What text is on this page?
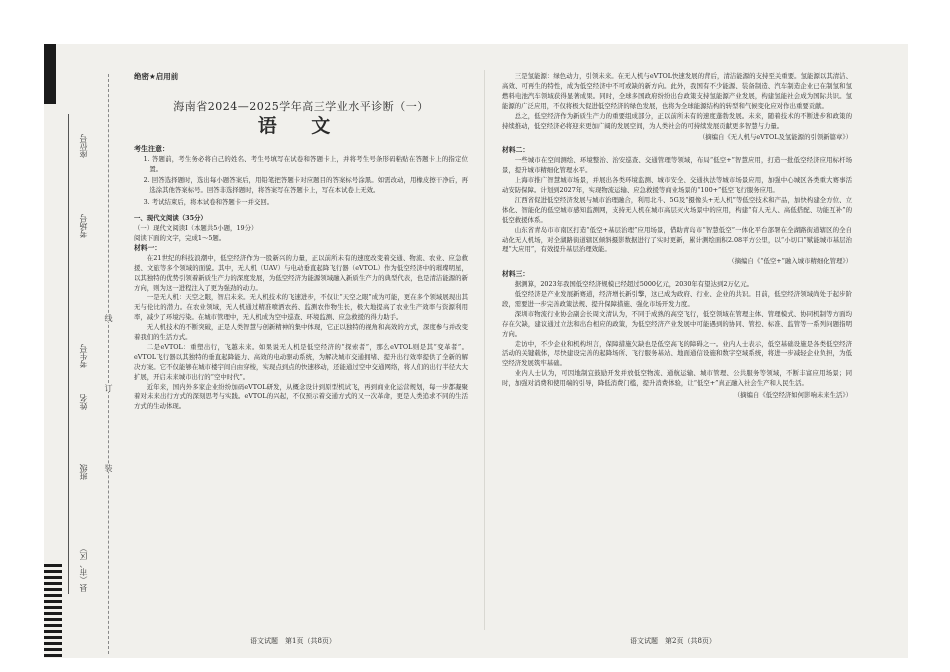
座位号
考场号
考生号
姓名
班级
县（市、区）
线
订
装
绝密★启用前
海南省2024—2025学年高三学业水平诊断（一）
语 文
考生注意：

1. 答题前，考生务必将自己的姓名、考生号填写在试卷和答题卡上，并将考生号条形码粘贴在答题卡上的指定位置。

2. 回答选择题时，选出每小题答案后，用铅笔把答题卡对应题目的答案标号涂黑。如需改动，用橡皮擦干净后，再选涂其他答案标号。回答非选择题时，将答案写在答题卡上，写在本试卷上无效。

3. 考试结束后，将本试卷和答题卡一并交回。

一、现代文阅读（35分）

（一）现代文阅读Ⅰ（本题共5小题，19分）

阅读下面的文字，完成1～5题。

材料一：

在21世纪的科技浪潮中，低空经济作为一股新兴的力量，正以前所未有的速度改变着交通、物流、农业、应急救援、文旅等多个领域的面貌。其中，无人机（UAV）与电动垂直起降飞行器（eVTOL）作为低空经济中的璀璨明星，以其独特的优势引领着新质生产力的深度发展，为低空经济为能源领域融入新质生产力的典型代表，也是清洁能源的新方向，则为这一进程注入了更为强劲的动力。

一是无人机：天空之眼，智启未来。无人机技术的飞速进步，不仅让“天空之眼”成为可能，更在多个领域展现出其无与伦比的潜力。在农业领域，无人机通过精准喷洒农药、监测农作物生长，极大地提高了农业生产效率与资源利用率，减少了环境污染。在城市管理中，无人机成为空中巡查、环境监测、应急救援的得力助手。

无人机技术的不断突破，正是人类智慧与创新精神的集中体现，它正以独特的视角和高效的方式，深度参与并改变着我们的生活方式。

二是eVTOL：重塑出行，飞越未来。如果说无人机是低空经济的“探索者”，那么eVTOL则是其“变革者”。eVTOL飞行器以其独特的垂直起降能力、高效的电动驱动系统，为解决城市交通拥堵、提升出行效率提供了全新的解决方案。它不仅能够在城市楼宇间自由穿梭，实现点到点的快速移动，还能通过空中交通网络，将人们的出行半径大大扩展，开启未来城市出行的“空中时代”。

近年来，国内外多家企业纷纷加码eVTOL研发，从概念设计到原型机试飞，再到商业化运营规划，每一步都凝聚着对未来出行方式的深刻思考与实践。eVTOL的兴起，不仅预示着交通方式的又一次革命，更是人类追求不同的生活方式的生动体现。

语文试题　第1页（共8页）

三是氢能源：绿色动力，引领未来。在无人机与eVTOL快速发展的背后，清洁能源的支持至关重要。氢能源以其清洁、高效、可再生的特性，成为低空经济中不可或缺的新方向。此外，我国有不少能源、装备制造、汽车制造企业已在制氢和氢燃料电池汽车领域获得显著成果。同时，全球多国政府纷纷出台政策支持氢能源产业发展，构建氢能社会成为国际共识。氢能源的广泛应用，不仅将极大促进低空经济的绿色发展，也将为全球能源结构的转型和气候变化应对作出重要贡献。

总之，低空经济作为新质生产力的重要组成部分，正以前所未有的速度蓬勃发展。未来，随着技术的不断进步和政策的持续推动，低空经济必将迎来更加广阔的发展空间，为人类社会的可持续发展贡献更多智慧与力量。

（摘编自《无人机与eVTOL及氢能源的引领新篇章》）

材料二：

一些城市在空间测绘、环境整治、治安巡查、交通管理等领域，布局“低空+”智慧应用，打造一批低空经济应用标杆场景，提升城市精细化管理水平。

上海市推广智慧城市场景，并展出各类环境监测、城市安全、交通执法等城市场景应用，加强中心城区各类重大赛事活动安防保障。计划到2027年，实现物流运输、应急救援等商业场景的“100+”低空飞行服务应用。

江西省促进低空经济发展与城市治理融合，利用北斗、5G及“摄像头+无人机”等低空技术和产品，加快构建全方位、立体化、智能化的低空城市感知监测网，支持无人机在城市高层灭火场景中的应用，构建“有人无人、高低搭配、功能互补”的低空救援体系。

山东省青岛市市南区打造“低空+基层治理”应用场景，借助青岛市“智慧低空”一体化平台部署在全湖路街道辖区的全自动化无人机场，对全湖路街道辖区倾斜摄影数据进行了实时更新，累计测绘面积2.08平方公里，以“小切口”赋能城市基层治理“大应用”，有效提升基层治理效能。

（摘编自《“低空+”融入城市精细化管理》）

材料三：

据测算，2023年我国低空经济规模已经超过5000亿元，2030年有望达到2万亿元。

低空经济是产业发展新赛道，经济增长新引擎，这已成为政府、行业、企业的共识。目前，低空经济领域尚处于起步阶段，需要进一步完善政策法规、提升保障措施、强化市场开发力度。

深圳市物流行业协会副会长周文清认为，不同于成熟的高空飞行，低空领域在管理主体、管理模式、协同机制等方面均存在欠缺，建议通过立法和出台相应的政策，为低空经济产业发展中可能遇到的协同、管控、标准、监管等一系列问题指明方向。

走访中，不少企业和机构坦言，保障措施欠缺也是低空高飞的障碍之一。业内人士表示，低空基础设施是各类低空经济活动的关键载体，尽快建设完善的起降场所、飞行服务基站、地面通信设施和数字空域系统，将进一步减轻企业负担，为低空经济发展筑牢基础。

业内人士认为，可因地制宜鼓励开发并放低空物流、通航运输、城市管理、公共服务等领域，不断丰富应用场景；同时，加强对消费和使用端的引导，降低消费门槛，提升消费体验，让“低空+”真正融入社会生产和人民生活。

（摘编自《低空经济如何影响未来生活》）

语文试题　第2页（共8页）
